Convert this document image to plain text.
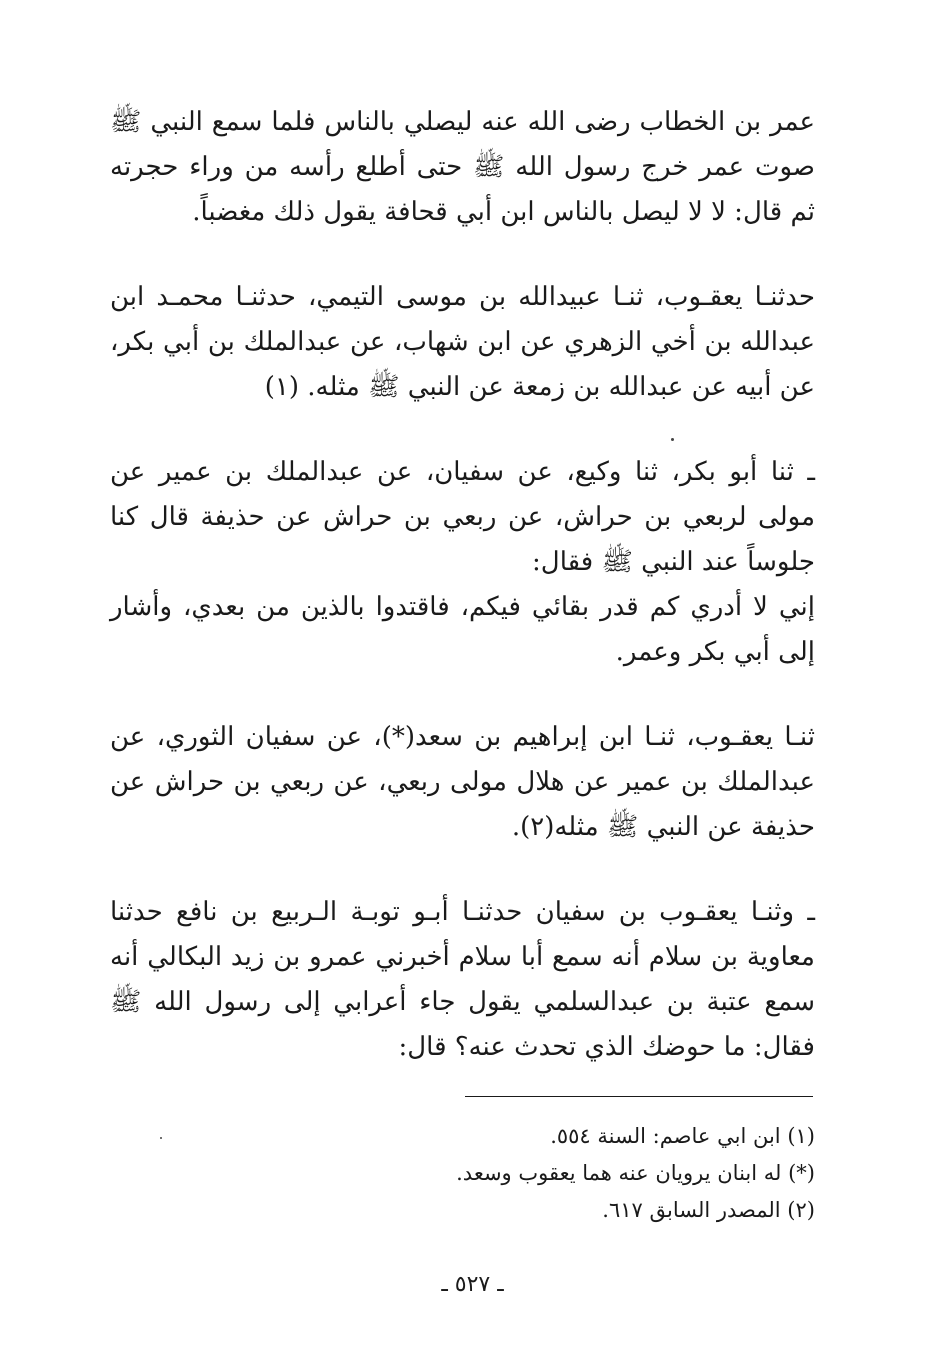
عمر بن الخطاب رضى الله عنه ليصلي بالناس فلما سمع النبي ﷺ صوت عمر خرج رسول الله ﷺ حتى أطلع رأسه من وراء حجرته ثم قال: لا لا ليصل بالناس ابن أبي قحافة يقول ذلك مغضباً.

حدثنـا يعقـوب، ثنـا عبيدالله بن موسى التيمي، حدثنـا محمـد ابن عبدالله بن أخي الزهري عن ابن شهاب، عن عبدالملك بن أبي بكر، عن أبيه عن عبدالله بن زمعة عن النبي ﷺ مثله. (١)

ـ ثنا أبو بكر، ثنا وكيع، عن سفيان، عن عبدالملك بن عمير عن مولى لربعي بن حراش، عن ربعي بن حراش عن حذيفة قال كنا جلوساً عند النبي ﷺ فقال:

إني لا أدري كم قدر بقائي فيكم، فاقتدوا بالذين من بعدي، وأشار إلى أبي بكر وعمر.

ثنـا يعقـوب، ثنـا ابن إبراهيم بن سعد(*)، عن سفيان الثوري، عن عبدالملك بن عمير عن هلال مولى ربعي، عن ربعي بن حراش عن حذيفة عن النبي ﷺ مثله(٢).

ـ وثنـا يعقـوب بن سفيان حدثنـا أبـو توبـة الـربيع بن نافع حدثنا معاوية بن سلام أنه سمع أبا سلام أخبرني عمرو بن زيد البكالي أنه سمع عتبة بن عبدالسلمي يقول جاء أعرابي إلى رسول الله ﷺ فقال: ما حوضك الذي تحدث عنه؟ قال:

(١) ابن ابي عاصم: السنة ٥٥٤.

(*) له ابنان يرويان عنه هما يعقوب وسعد.

(٢) المصدر السابق ٦١٧.

ـ ٥٢٧ ـ
